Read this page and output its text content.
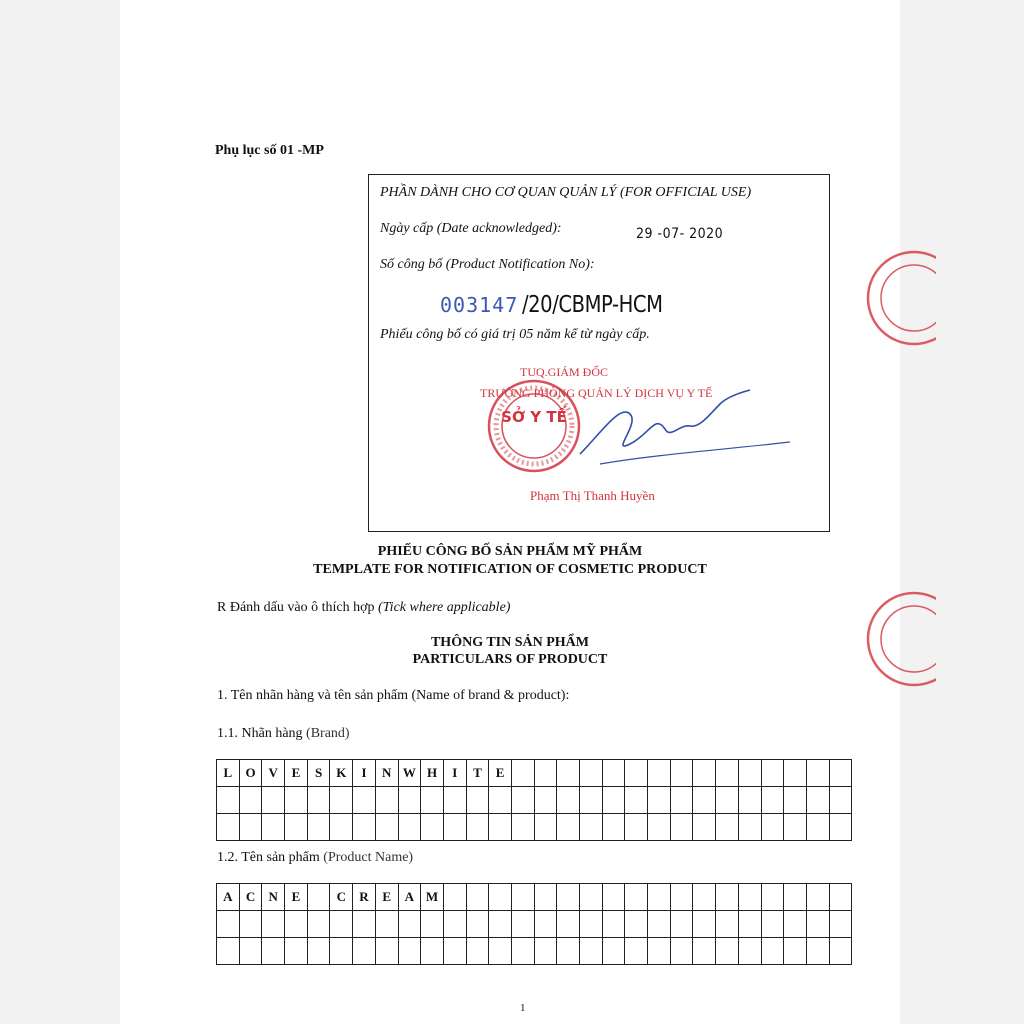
Phụ lục số 01 -MP
PHẦN DÀNH CHO CƠ QUAN QUẢN LÝ (FOR OFFICIAL USE)
Ngày cấp (Date acknowledged):	29 -07- 2020
Số công bố (Product Notification No):
003147 /20/CBMP-HCM
Phiếu công bố có giá trị 05 năm kể từ ngày cấp.
SỞ Y TẾ
TUQ.GIÁM ĐỐC
TRƯỞNG PHÒNG QUẢN LÝ DỊCH VỤ Y TẾ
Phạm Thị Thanh Huyền
PHIẾU CÔNG BỐ SẢN PHẨM MỸ PHẨM
TEMPLATE FOR NOTIFICATION OF COSMETIC PRODUCT
R Đánh dấu vào ô thích hợp (Tick where applicable)
THÔNG TIN SẢN PHẨM
PARTICULARS OF PRODUCT
1. Tên nhãn hàng và tên sản phẩm (Name of brand & product):
1.1. Nhãn hàng (Brand)
L	O	V	E	S	K	I	N	W	H	I	T	E															

1.2. Tên sản phẩm (Product Name)
A	C	N	E		C	R	E	A	M																		

1
